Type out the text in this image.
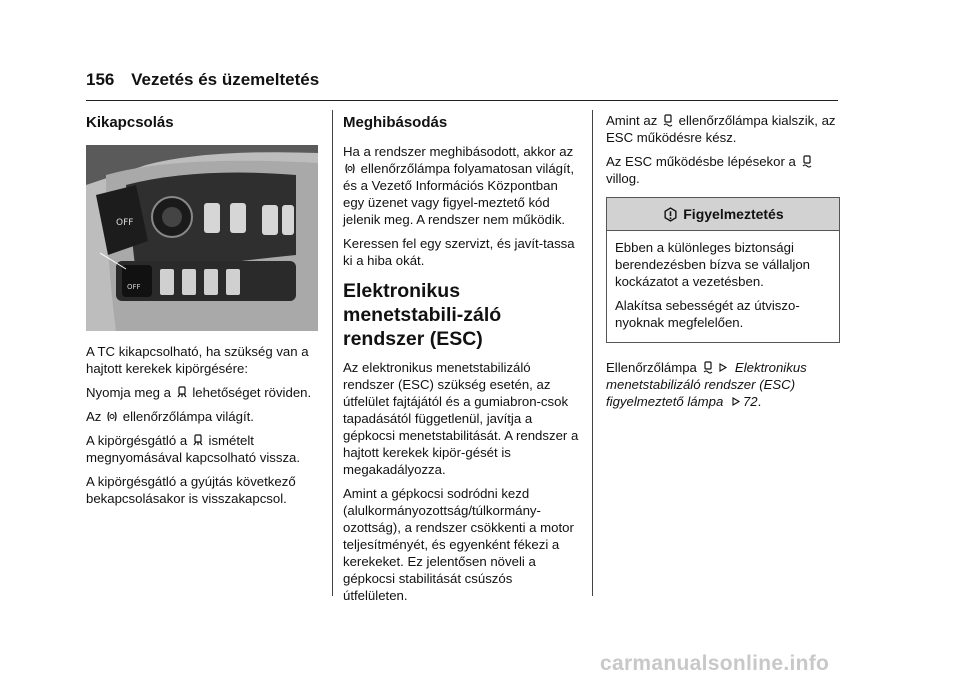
156 Vezetés és üzemeltetés
Kikapcsolás
OFF
OFF

A TC kikapcsolható, ha szükség van a hajtott kerekek kipörgésére:

Nyomja meg a lehetőséget röviden.

Az ellenőrzőlámpa világít.

A kipörgésgátló a ismételt megnyomásával kapcsolható vissza.

A kipörgésgátló a gyújtás következő bekapcsolásakor is visszakapcsol.

Meghibásodás

Ha a rendszer meghibásodott, akkor az  ellenőrzőlámpa folyamatosan világít, és a Vezető Információs Központban egy üzenet vagy figyel-meztető kód jelenik meg. A rendszer nem működik.

Keressen fel egy szervizt, és javít-tassa ki a hiba okát.

Elektronikus menetstabili-záló rendszer (ESC)

Az elektronikus menetstabilizáló rendszer (ESC) szükség esetén, az útfelület fajtájától és a gumiabron-csok tapadásától függetlenül, javítja a gépkocsi menetstabilitását. A rendszer a hajtott kerekek kipör-gését is megakadályozza.

Amint a gépkocsi sodródni kezd (alulkormányozottság/túlkormány-ozottság), a rendszer csökkenti a motor teljesítményét, és egyenként fékezi a kerekeket. Ez jelentősen növeli a gépkocsi stabilitását csúszós útfelületen.

Amint az ellenőrzőlámpa kialszik, az ESC működésre kész.

Az ESC működésbe lépésekor a  villog.

Figyelmeztetés

Ebben a különleges biztonsági berendezésben bízva se vállaljon kockázatot a vezetésben.

Alakítsa sebességét az útviszo-nyoknak megfelelően.

Ellenőrzőlámpa	Elektronikus menetstabilizáló rendszer (ESC) figyelmeztető lámpa 72.

carmanualsonline.info
